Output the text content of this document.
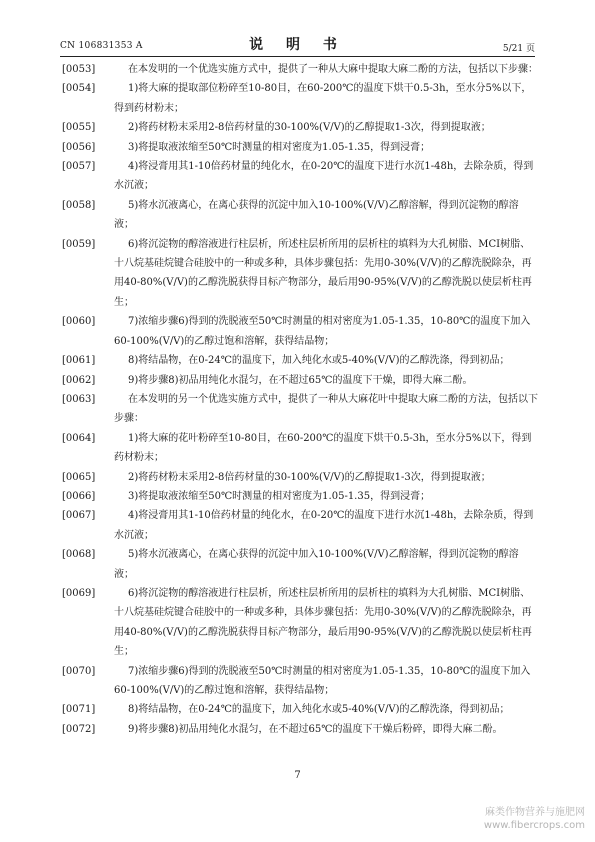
CN 106831353 A	说 明 书	5/21 页

[0053]　　在本发明的一个优选实施方式中，提供了一种从大麻中提取大麻二酚的方法，包括以下步骤：

[0054]　　1)将大麻的提取部位粉碎至10-80目，在60-200℃的温度下烘干0.5-3h，至水分5%以下，得到药材粉末；

[0055]　　2)将药材粉末采用2-8倍药材量的30-100%(V/V)的乙醇提取1-3次，得到提取液；

[0056]　　3)将提取液浓缩至50℃时测量的相对密度为1.05-1.35，得到浸膏；

[0057]　　4)将浸膏用其1-10倍药材量的纯化水，在0-20℃的温度下进行水沉1-48h，去除杂质，得到水沉液；

[0058]　　5)将水沉液离心，在离心获得的沉淀中加入10-100%(V/V)乙醇溶解，得到沉淀物的醇溶液；

[0059]　　6)将沉淀物的醇溶液进行柱层析，所述柱层析所用的层析柱的填料为大孔树脂、MCI树脂、十八烷基硅烷键合硅胶中的一种或多种，具体步骤包括：先用0-30%(V/V)的乙醇洗脱除杂，再用40-80%(V/V)的乙醇洗脱获得目标产物部分，最后用90-95%(V/V)的乙醇洗脱以使层析柱再生；

[0060]　　7)浓缩步骤6)得到的洗脱液至50℃时测量的相对密度为1.05-1.35，10-80℃的温度下加入60-100%(V/V)的乙醇过饱和溶解，获得结晶物；

[0061]　　8)将结晶物，在0-24℃的温度下，加入纯化水或5-40%(V/V)的乙醇洗涤，得到初品；

[0062]　　9)将步骤8)初品用纯化水混匀，在不超过65℃的温度下干燥，即得大麻二酚。

[0063]　　在本发明的另一个优选实施方式中，提供了一种从大麻花叶中提取大麻二酚的方法，包括以下步骤：

[0064]　　1)将大麻的花叶粉碎至10-80目，在60-200℃的温度下烘干0.5-3h，至水分5%以下，得到药材粉末；

[0065]　　2)将药材粉末采用2-8倍药材量的30-100%(V/V)的乙醇提取1-3次，得到提取液；

[0066]　　3)将提取液浓缩至50℃时测量的相对密度为1.05-1.35，得到浸膏；

[0067]　　4)将浸膏用其1-10倍药材量的纯化水，在0-20℃的温度下进行水沉1-48h，去除杂质，得到水沉液；

[0068]　　5)将水沉液离心，在离心获得的沉淀中加入10-100%(V/V)乙醇溶解，得到沉淀物的醇溶液；

[0069]　　6)将沉淀物的醇溶液进行柱层析，所述柱层析所用的层析柱的填料为大孔树脂、MCI树脂、十八烷基硅烷键合硅胶中的一种或多种，具体步骤包括：先用0-30%(V/V)的乙醇洗脱除杂，再用40-80%(V/V)的乙醇洗脱获得目标产物部分，最后用90-95%(V/V)的乙醇洗脱以使层析柱再生；

[0070]　　7)浓缩步骤6)得到的洗脱液至50℃时测量的相对密度为1.05-1.35，10-80℃的温度下加入60-100%(V/V)的乙醇过饱和溶解，获得结晶物；

[0071]　　8)将结晶物，在0-24℃的温度下，加入纯化水或5-40%(V/V)的乙醇洗涤，得到初品；

[0072]　　9)将步骤8)初品用纯化水混匀，在不超过65℃的温度下干燥后粉碎，即得大麻二酚。

7
麻类作物营养与施肥网
www.fibercrops.com
